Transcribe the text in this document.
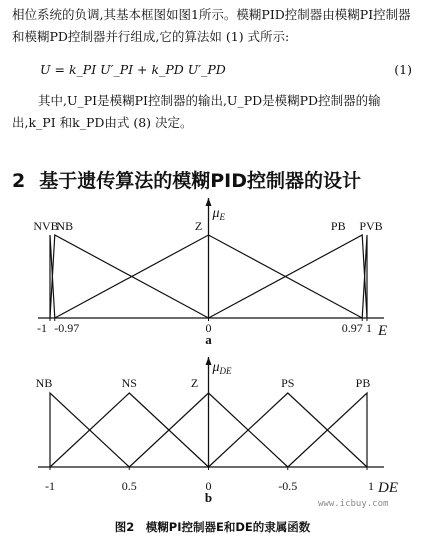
相位系统的负调,其基本框图如图1所示。模糊PID控制器由模糊PI控制器和模糊PD控制器并行组成,它的算法如 (1) 式所示:
U = k_PI U′_PI + k_PD U′_PD	(1)
其中,U_PI是模糊PI控制器的输出,U_PD是模糊PD控制器的输出,k_PI 和k_PD由式 (8) 决定。
2 基于遗传算法的模糊PID控制器的设计
NVB
NB	Z	PB PVB
-1 -0.97	0	0.97 1
$\mu_E$
E
a
NB	NS	Z	PS	PB
-1	0.5	0	-0.5	1
$\mu_{DE}$
DE
b	www.icbuy.com
图2　模糊PI控制器E和DE的隶属函数
